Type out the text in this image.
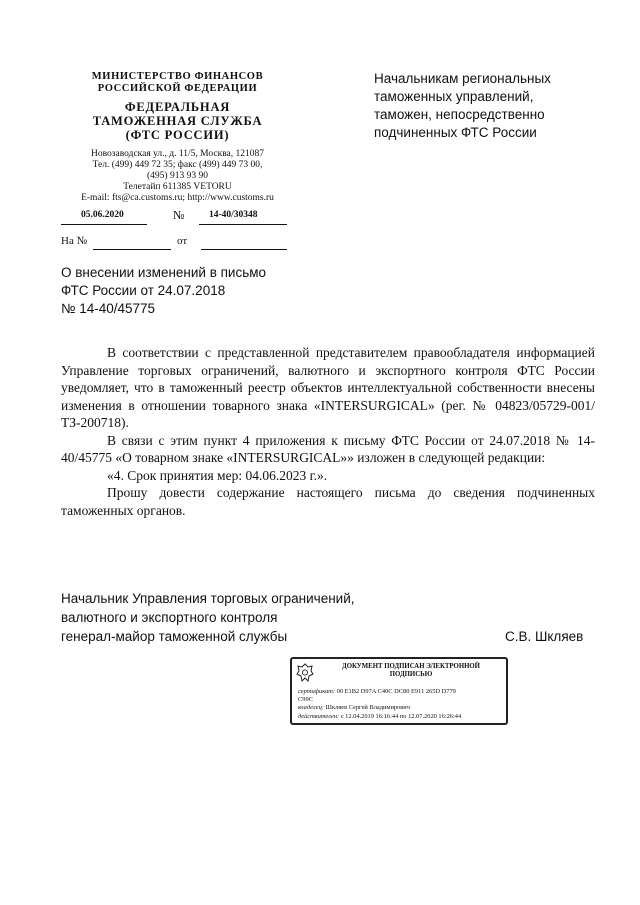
МИНИСТЕРСТВО ФИНАНСОВ
РОССИЙСКОЙ ФЕДЕРАЦИИ
ФЕДЕРАЛЬНАЯ
ТАМОЖЕННАЯ СЛУЖБА
(ФТС РОССИИ)
Новозаводская ул., д. 11/5, Москва, 121087
Тел. (499) 449 72 35; факс (499) 449 73 00,
(495) 913 93 90
Телетайп 611385 VETORU
E-mail: fts@ca.customs.ru; http://www.customs.ru
05.06.2020	№	14-40/30348
На №	от
Начальникам региональных
таможенных управлений,
таможен, непосредственно
подчиненных ФТС России
О внесении изменений в письмо
ФТС России от 24.07.2018
№ 14-40/45775

В соответствии с представленной представителем правообладателя информацией Управление торговых ограничений, валютного и экспортного контроля ФТС России уведомляет, что в таможенный реестр объектов интеллектуальной собственности внесены изменения в отношении товарного знака «INTERSURGICAL» (рег. № 04823/05729-001/ТЗ-200718).

В связи с этим пункт 4 приложения к письму ФТС России от 24.07.2018 № 14-40/45775 «О товарном знаке «INTERSURGICAL»» изложен в следующей редакции:

«4. Срок принятия мер: 04.06.2023 г.».

Прошу довести содержание настоящего письма до сведения подчиненных таможенных органов.

Начальник Управления торговых ограничений,
валютного и экспортного контроля
генерал-майор таможенной службы	С.В. Шкляев
ДОКУМЕНТ ПОДПИСАН ЭЛЕКТРОННОЙ
ПОДПИСЬЮ
сертификат: 00 E1B2 D97A C40C DC80 E911 265D D779
C99C
владелец: Шкляев Сергей Владимирович
действителен: с 12.04.2019 16:16:44 по 12.07.2020 16:26:44
